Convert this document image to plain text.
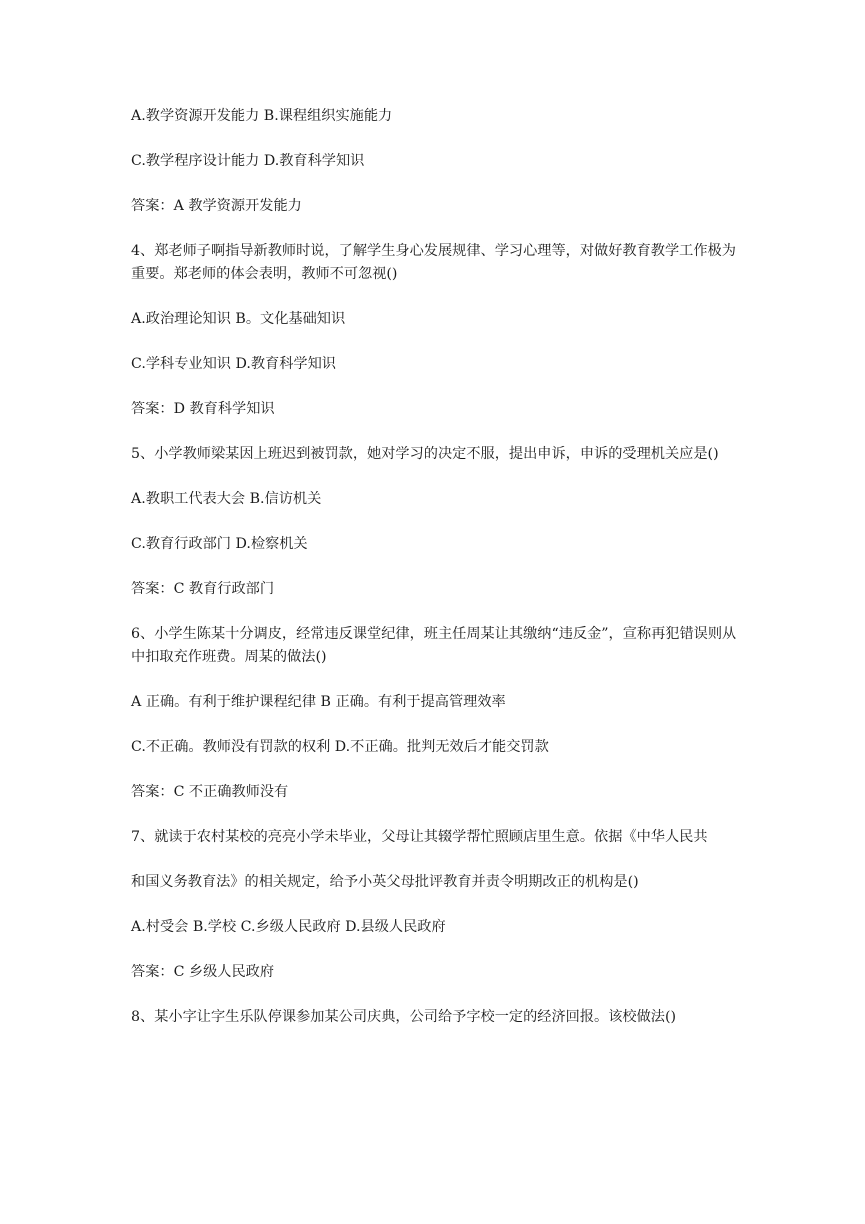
A.教学资源开发能力 B.课程组织实施能力

C.教学程序设计能力 D.教育科学知识

答案：A 教学资源开发能力

4、郑老师子啊指导新教师时说，了解学生身心发展规律、学习心理等，对做好教育教学工作极为重要。郑老师的体会表明，教师不可忽视()

A.政治理论知识 B。文化基础知识

C.学科专业知识 D.教育科学知识

答案：D 教育科学知识

5、小学教师梁某因上班迟到被罚款，她对学习的决定不服，提出申诉，申诉的受理机关应是()

A.教职工代表大会 B.信访机关

C.教育行政部门 D.检察机关

答案：C 教育行政部门

6、小学生陈某十分调皮，经常违反课堂纪律，班主任周某让其缴纳“违反金”，宣称再犯错误则从中扣取充作班费。周某的做法()

A 正确。有利于维护课程纪律 B 正确。有利于提高管理效率

C.不正确。教师没有罚款的权利 D.不正确。批判无效后才能交罚款

答案：C 不正确教师没有

7、就读于农村某校的亮亮小学未毕业，父母让其辍学帮忙照顾店里生意。依据《中华人民共

和国义务教育法》的相关规定，给予小英父母批评教育并责令明期改正的机构是()

A.村受会 B.学校 C.乡级人民政府 D.县级人民政府

答案：C 乡级人民政府

8、某小字让字生乐队停课参加某公司庆典，公司给予字校一定的经济回报。该校做法()
